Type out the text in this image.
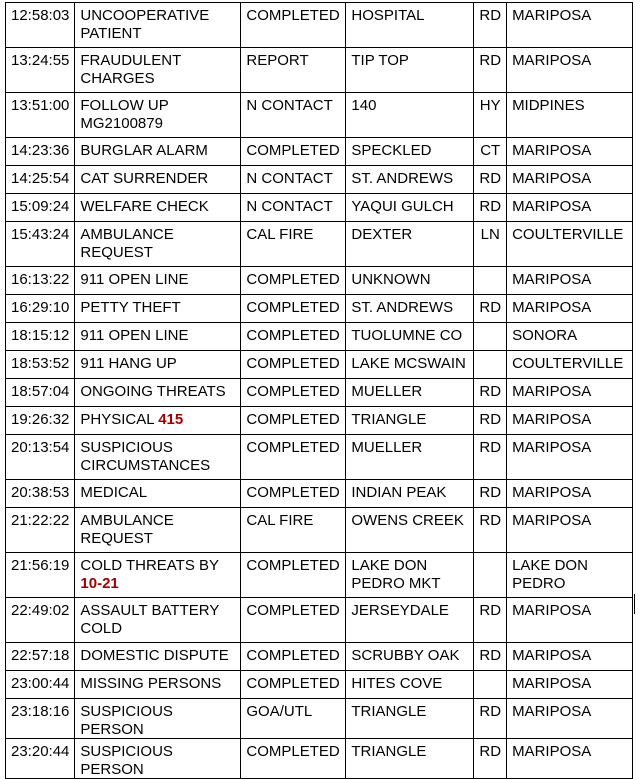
12:58:03	UNCOOPERATIVE PATIENT	COMPLETED	HOSPITAL	RD	MARIPOSA
13:24:55	FRAUDULENT CHARGES	REPORT	TIP TOP	RD	MARIPOSA
13:51:00	FOLLOW UP MG2100879	N CONTACT	140	HY	MIDPINES
14:23:36	BURGLAR ALARM	COMPLETED	SPECKLED	CT	MARIPOSA
14:25:54	CAT SURRENDER	N CONTACT	ST. ANDREWS	RD	MARIPOSA
15:09:24	WELFARE CHECK	N CONTACT	YAQUI GULCH	RD	MARIPOSA
15:43:24	AMBULANCE REQUEST	CAL FIRE	DEXTER	LN	COULTERVILLE
16:13:22	911 OPEN LINE	COMPLETED	UNKNOWN		MARIPOSA
16:29:10	PETTY THEFT	COMPLETED	ST. ANDREWS	RD	MARIPOSA
18:15:12	911 OPEN LINE	COMPLETED	TUOLUMNE CO		SONORA
18:53:52	911 HANG UP	COMPLETED	LAKE MCSWAIN		COULTERVILLE
18:57:04	ONGOING THREATS	COMPLETED	MUELLER	RD	MARIPOSA
19:26:32	PHYSICAL 415	COMPLETED	TRIANGLE	RD	MARIPOSA
20:13:54	SUSPICIOUS CIRCUMSTANCES	COMPLETED	MUELLER	RD	MARIPOSA
20:38:53	MEDICAL	COMPLETED	INDIAN PEAK	RD	MARIPOSA
21:22:22	AMBULANCE REQUEST	CAL FIRE	OWENS CREEK	RD	MARIPOSA
21:56:19	COLD THREATS BY 10-21	COMPLETED	LAKE DON PEDRO MKT		LAKE DON PEDRO
22:49:02	ASSAULT BATTERY COLD	COMPLETED	JERSEYDALE	RD	MARIPOSA
22:57:18	DOMESTIC DISPUTE	COMPLETED	SCRUBBY OAK	RD	MARIPOSA
23:00:44	MISSING PERSONS	COMPLETED	HITES COVE		MARIPOSA
23:18:16	SUSPICIOUS PERSON	GOA/UTL	TRIANGLE	RD	MARIPOSA
23:20:44	SUSPICIOUS PERSON	COMPLETED	TRIANGLE	RD	MARIPOSA
